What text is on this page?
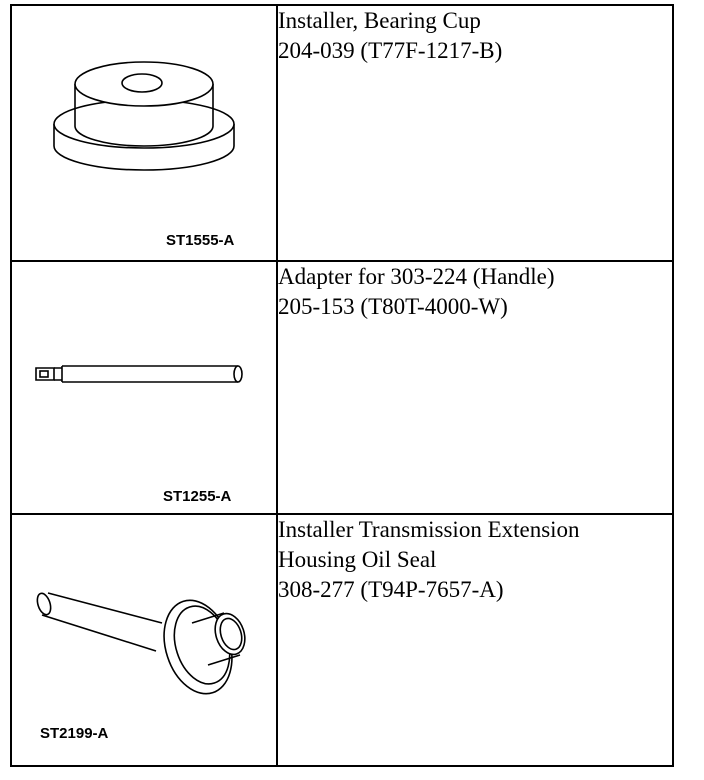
ST1555-A	Installer, Bearing Cup
204-039 (T77F-1217-B)

ST1255-A	Adapter for 303-224 (Handle)
205-153 (T80T-4000-W)

ST2199-A	Installer Transmission Extension
Housing Oil Seal
308-277 (T94P-7657-A)
